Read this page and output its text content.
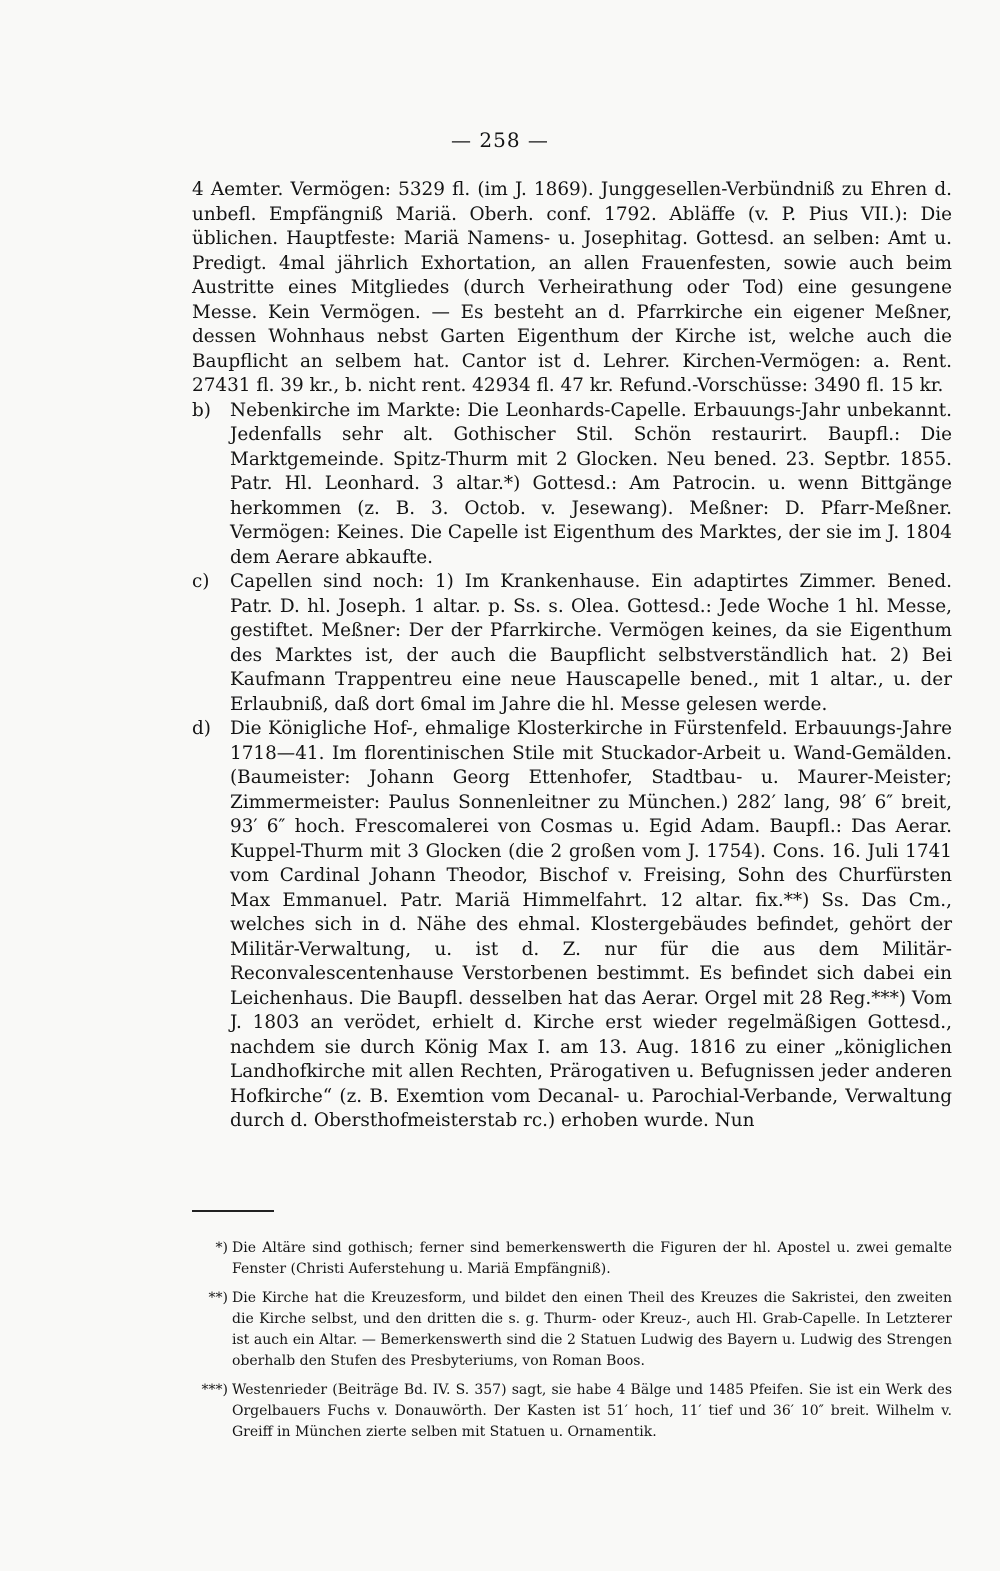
— 258 —

4 Aemter. Vermögen: 5329 fl. (im J. 1869). Junggesellen-Verbündniß zu Ehren d. unbefl. Empfängniß Mariä. Oberh. conf. 1792. Abläffe (v. P. Pius VII.): Die üblichen. Hauptfeste: Mariä Namens- u. Josephitag. Gottesd. an selben: Amt u. Predigt. 4mal jährlich Exhortation, an allen Frauenfesten, sowie auch beim Austritte eines Mitgliedes (durch Verheirathung oder Tod) eine gesungene Messe. Kein Vermögen. — Es besteht an d. Pfarrkirche ein eigener Meßner, dessen Wohnhaus nebst Garten Eigenthum der Kirche ist, welche auch die Baupflicht an selbem hat. Cantor ist d. Lehrer. Kirchen-Vermögen: a. Rent. 27431 fl. 39 kr., b. nicht rent. 42934 fl. 47 kr. Refund.-Vorschüsse: 3490 fl. 15 kr.

b) Nebenkirche im Markte: Die Leonhards-Capelle. Erbauungs-Jahr unbekannt. Jedenfalls sehr alt. Gothischer Stil. Schön restaurirt. Baupfl.: Die Marktgemeinde. Spitz-Thurm mit 2 Glocken. Neu bened. 23. Septbr. 1855. Patr. Hl. Leonhard. 3 altar.*) Gottesd.: Am Patrocin. u. wenn Bittgänge herkommen (z. B. 3. Octob. v. Jesewang). Meßner: D. Pfarr-Meßner. Vermögen: Keines. Die Capelle ist Eigenthum des Marktes, der sie im J. 1804 dem Aerare abkaufte.

c) Capellen sind noch: 1) Im Krankenhause. Ein adaptirtes Zimmer. Bened. Patr. D. hl. Joseph. 1 altar. p. Ss. s. Olea. Gottesd.: Jede Woche 1 hl. Messe, gestiftet. Meßner: Der der Pfarrkirche. Vermögen keines, da sie Eigenthum des Marktes ist, der auch die Baupflicht selbstverständlich hat. 2) Bei Kaufmann Trappentreu eine neue Hauscapelle bened., mit 1 altar., u. der Erlaubniß, daß dort 6mal im Jahre die hl. Messe gelesen werde.

d) Die Königliche Hof-, ehmalige Klosterkirche in Fürstenfeld. Erbauungs-Jahre 1718—41. Im florentinischen Stile mit Stuckador-Arbeit u. Wand-Gemälden. (Baumeister: Johann Georg Ettenhofer, Stadtbau- u. Maurer-Meister; Zimmermeister: Paulus Sonnenleitner zu München.) 282′ lang, 98′ 6″ breit, 93′ 6″ hoch. Frescomalerei von Cosmas u. Egid Adam. Baupfl.: Das Aerar. Kuppel-Thurm mit 3 Glocken (die 2 großen vom J. 1754). Cons. 16. Juli 1741 vom Cardinal Johann Theodor, Bischof v. Freising, Sohn des Churfürsten Max Emmanuel. Patr. Mariä Himmelfahrt. 12 altar. fix.**) Ss. Das Cm., welches sich in d. Nähe des ehmal. Klostergebäudes befindet, gehört der Militär-Verwaltung, u. ist d. Z. nur für die aus dem Militär-Reconvalescentenhause Verstorbenen bestimmt. Es befindet sich dabei ein Leichenhaus. Die Baupfl. desselben hat das Aerar. Orgel mit 28 Reg.***) Vom J. 1803 an verödet, erhielt d. Kirche erst wieder regelmäßigen Gottesd., nachdem sie durch König Max I. am 13. Aug. 1816 zu einer „königlichen Landhofkirche mit allen Rechten, Prärogativen u. Befugnissen jeder anderen Hofkirche“ (z. B. Exemtion vom Decanal- u. Parochial-Verbande, Verwaltung durch d. Obersthofmeisterstab rc.) erhoben wurde. Nun

*) Die Altäre sind gothisch; ferner sind bemerkenswerth die Figuren der hl. Apostel u. zwei gemalte Fenster (Christi Auferstehung u. Mariä Empfängniß).
**) Die Kirche hat die Kreuzesform, und bildet den einen Theil des Kreuzes die Sakristei, den zweiten die Kirche selbst, und den dritten die s. g. Thurm- oder Kreuz-, auch Hl. Grab-Capelle. In Letzterer ist auch ein Altar. — Bemerkenswerth sind die 2 Statuen Ludwig des Bayern u. Ludwig des Strengen oberhalb den Stufen des Presbyteriums, von Roman Boos.
***) Westenrieder (Beiträge Bd. IV. S. 357) sagt, sie habe 4 Bälge und 1485 Pfeifen. Sie ist ein Werk des Orgelbauers Fuchs v. Donauwörth. Der Kasten ist 51′ hoch, 11′ tief und 36′ 10″ breit. Wilhelm v. Greiff in München zierte selben mit Statuen u. Ornamentik.
